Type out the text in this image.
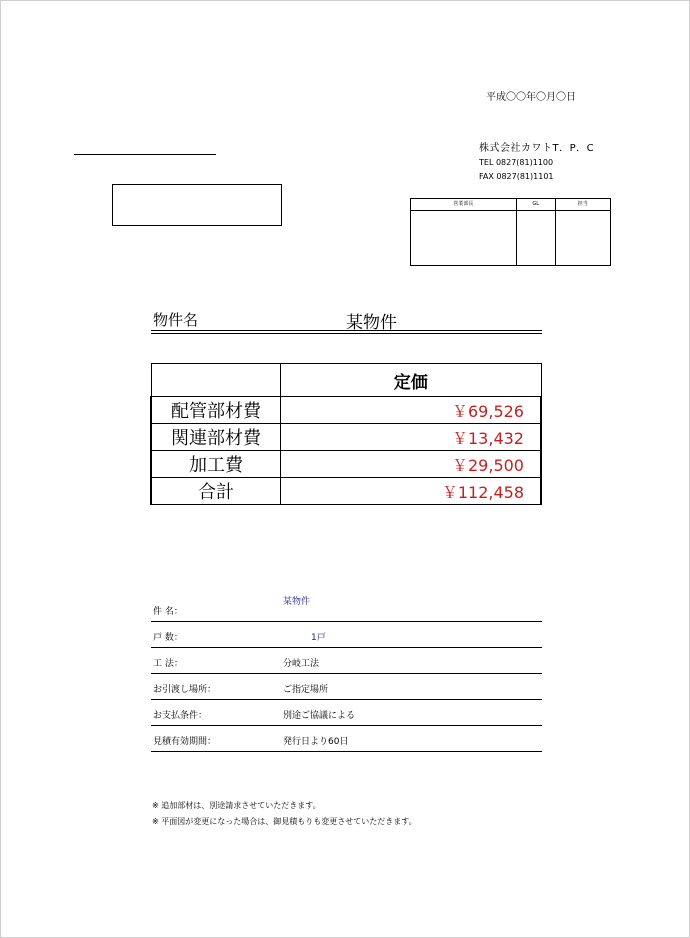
平成〇〇年〇月〇日
株式会社カワトT．P．C
TEL 0827(81)1100
FAX 0827(81)1101
営業部長	GL	担当

物件名	某物件
	定価
配管部材費	￥69,526
関連部材費	￥13,432
加工費	￥29,500
合計	￥112,458
件 名：
某物件
戸 数：	1戸
工 法：	分岐工法
お引渡し場所：	ご指定場所
お支払条件：	別途ご協議による
見積有効期間：	発行日より60日
※ 追加部材は、別途請求させていただきます。
※ 平面図が変更になった場合は、御見積もりも変更させていただきます。
